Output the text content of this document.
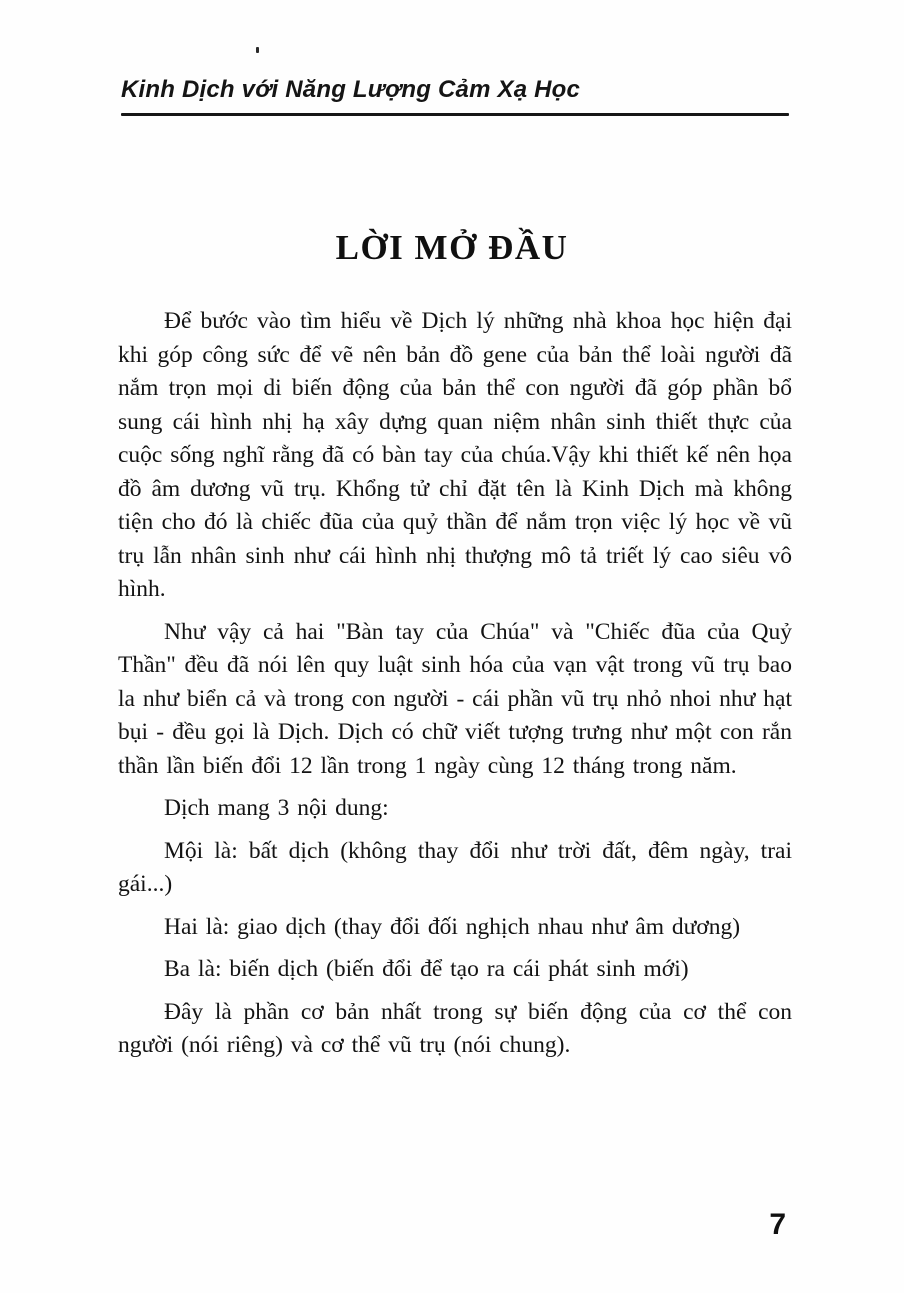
Kinh Dịch với Năng Lượng Cảm Xạ Học
LỜI MỞ ĐẦU

Để bước vào tìm hiểu về Dịch lý những nhà khoa học hiện đại khi góp công sức để vẽ nên bản đồ gene của bản thể loài người đã nắm trọn mọi di biến động của bản thể con người đã góp phần bổ sung cái hình nhị hạ xây dựng quan niệm nhân sinh thiết thực của cuộc sống nghĩ rằng đã có bàn tay của chúa.Vậy khi thiết kế nên họa đồ âm dương vũ trụ. Khổng tử chỉ đặt tên là Kinh Dịch mà không tiện cho đó là chiếc đũa của quỷ thần để nắm trọn việc lý học về vũ trụ lẫn nhân sinh như cái hình nhị thượng mô tả triết lý cao siêu vô hình.

Như vậy cả hai "Bàn tay của Chúa" và "Chiếc đũa của Quỷ Thần" đều đã nói lên quy luật sinh hóa của vạn vật trong vũ trụ bao la như biển cả và trong con người - cái phần vũ trụ nhỏ nhoi như hạt bụi - đều gọi là Dịch. Dịch có chữ viết tượng trưng như một con rắn thần lần biến đổi 12 lần trong 1 ngày cùng 12 tháng trong năm.

Dịch mang 3 nội dung:

Mội là: bất dịch (không thay đổi như trời đất, đêm ngày, trai gái...)

Hai là: giao dịch (thay đổi đối nghịch nhau như âm dương)

Ba là: biến dịch (biến đổi để tạo ra cái phát sinh mới)

Đây là phần cơ bản nhất trong sự biến động của cơ thể con người (nói riêng) và cơ thể vũ trụ (nói chung).

7
